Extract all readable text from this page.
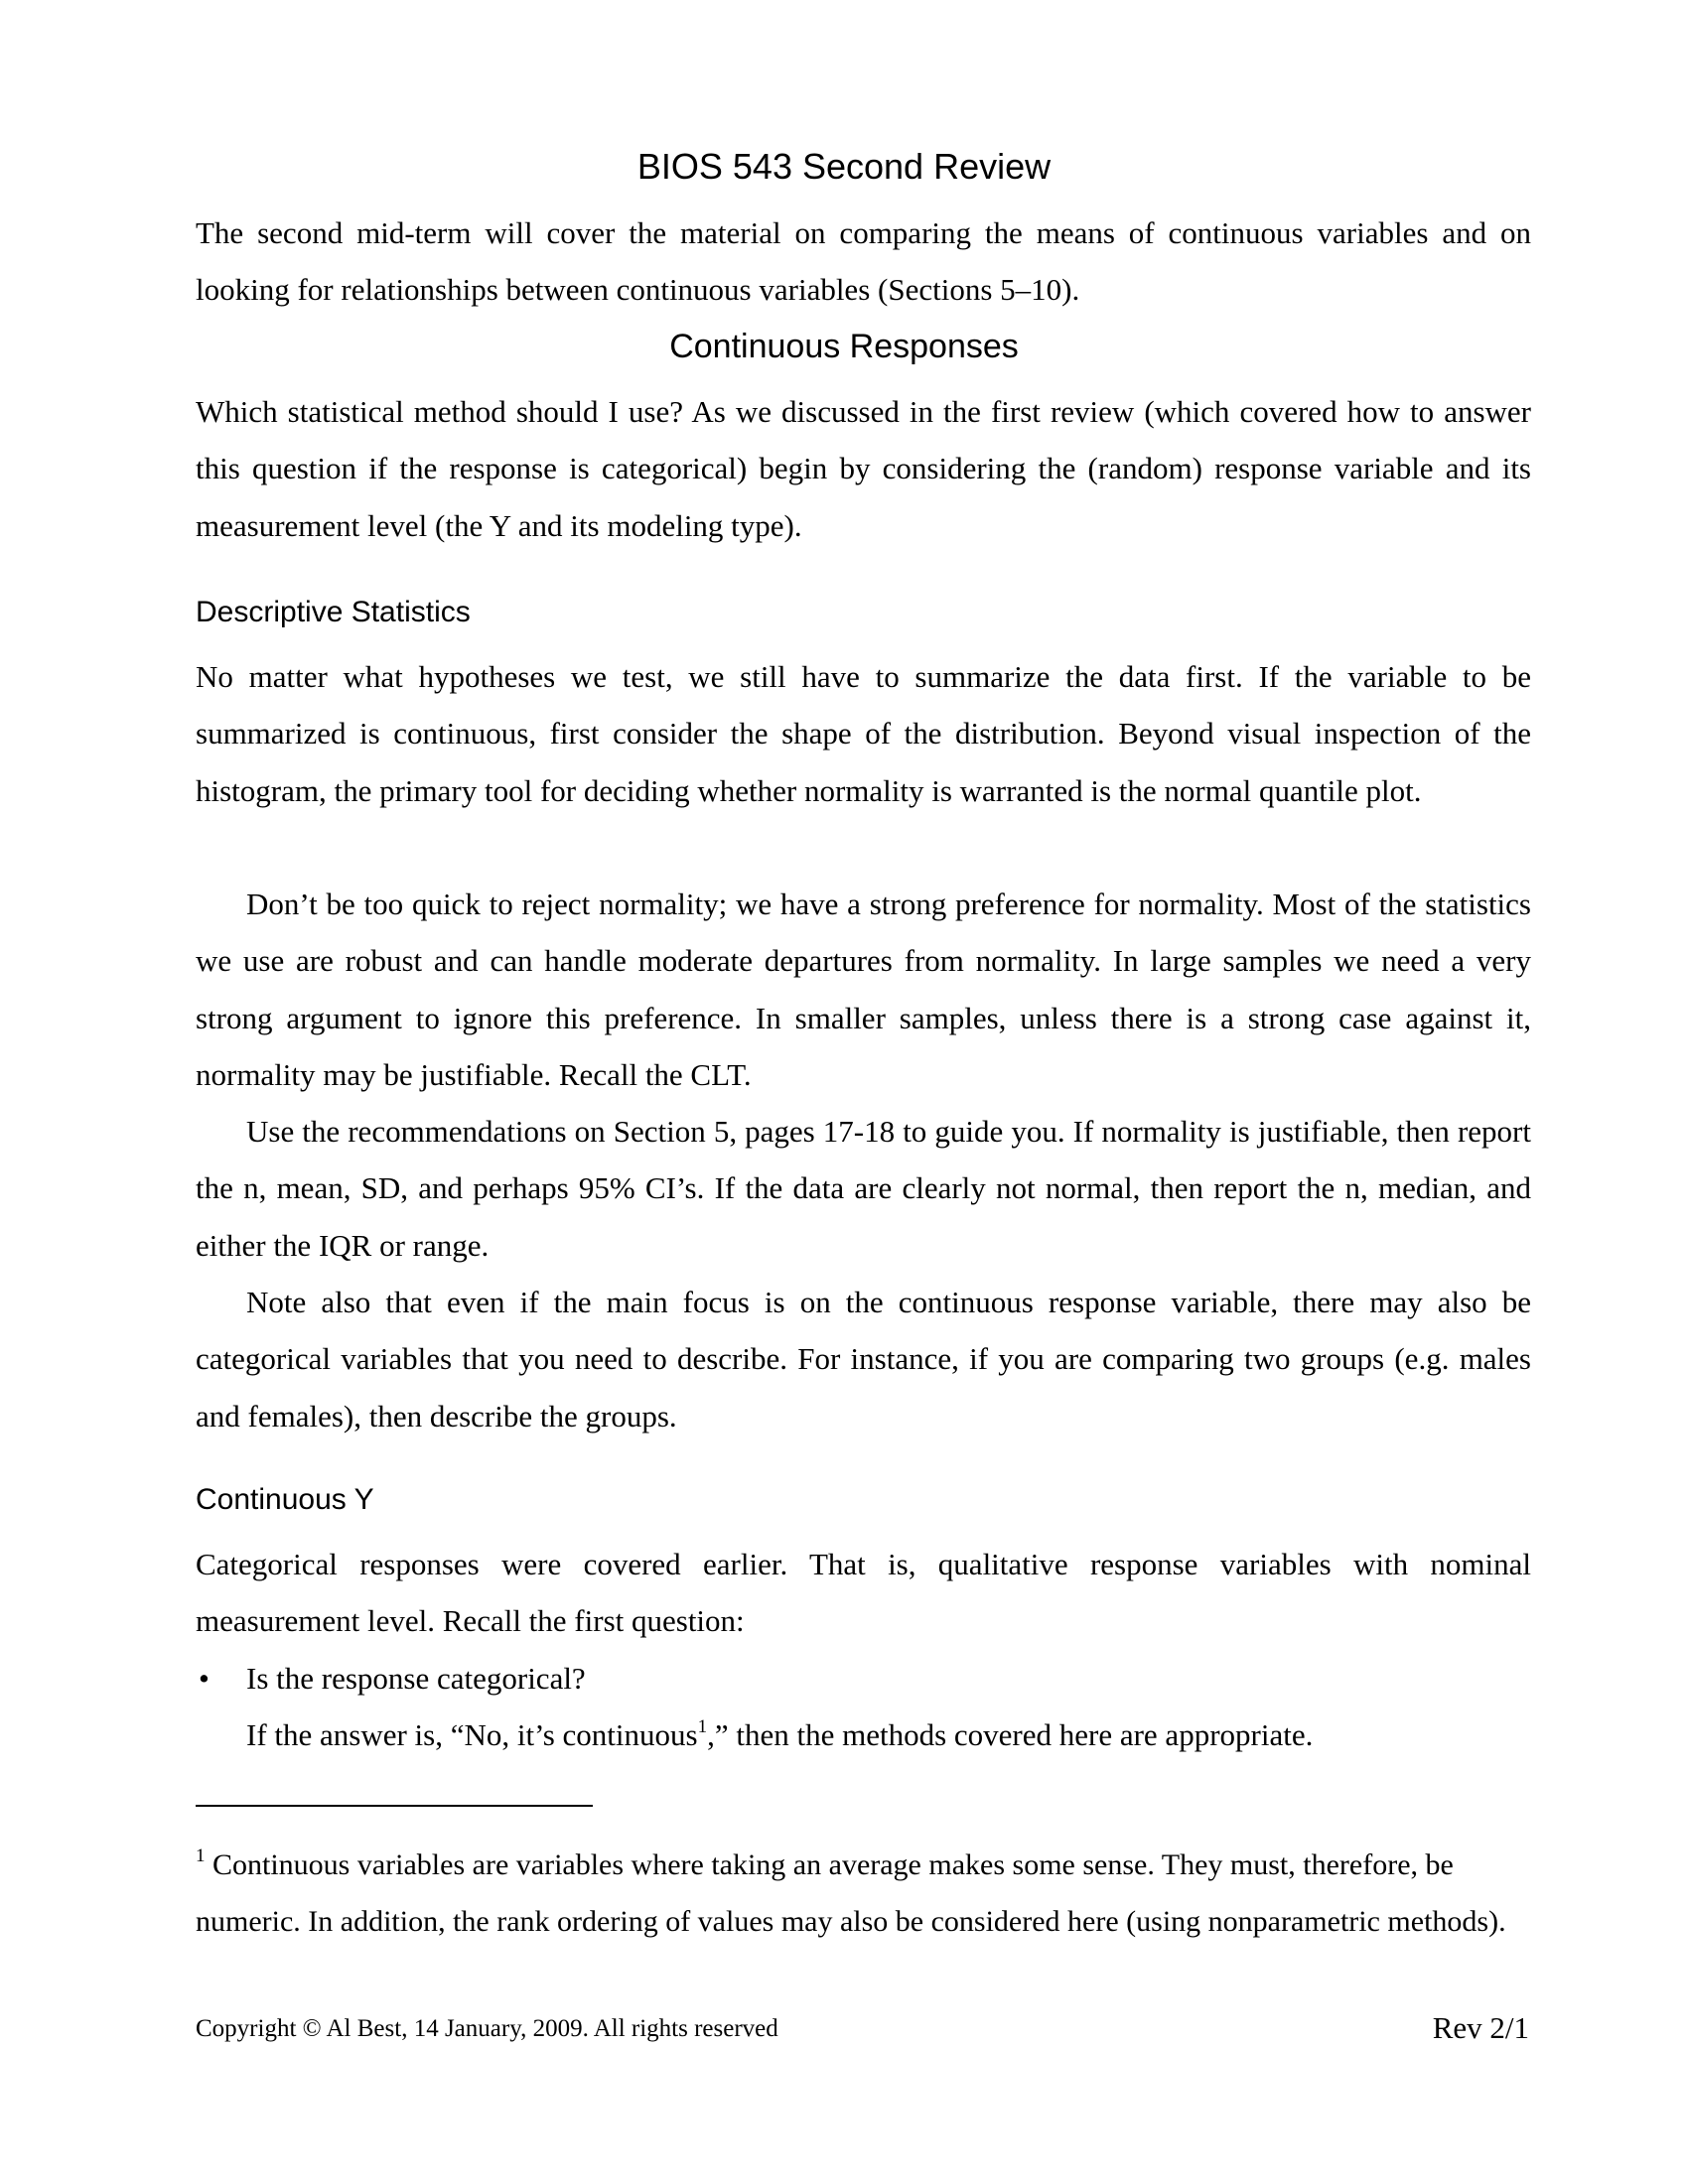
BIOS 543 Second Review

The second mid-term will cover the material on comparing the means of continuous variables and on looking for relationships between continuous variables (Sections 5–10).

Continuous Responses

Which statistical method should I use? As we discussed in the first review (which covered how to answer this question if the response is categorical) begin by considering the (random) response variable and its measurement level (the Y and its modeling type).

Descriptive Statistics

No matter what hypotheses we test, we still have to summarize the data first. If the variable to be summarized is continuous, first consider the shape of the distribution. Beyond visual inspection of the histogram, the primary tool for deciding whether normality is warranted is the normal quantile plot.

Don’t be too quick to reject normality; we have a strong preference for normality. Most of the statistics we use are robust and can handle moderate departures from normality. In large samples we need a very strong argument to ignore this preference. In smaller samples, unless there is a strong case against it, normality may be justifiable. Recall the CLT.

Use the recommendations on Section 5, pages 17-18 to guide you. If normality is justifiable, then report the n, mean, SD, and perhaps 95% CI’s. If the data are clearly not normal, then report the n, median, and either the IQR or range.

Note also that even if the main focus is on the continuous response variable, there may also be categorical variables that you need to describe. For instance, if you are comparing two groups (e.g. males and females), then describe the groups.

Continuous Y

Categorical responses were covered earlier. That is, qualitative response variables with nominal measurement level. Recall the first question:

• Is the response categorical?

If the answer is, “No, it’s continuous$^1$,” then the methods covered here are appropriate.

$^1$ Continuous variables are variables where taking an average makes some sense. They must, therefore, be numeric. In addition, the rank ordering of values may also be considered here (using nonparametric methods).

Copyright © Al Best, 14 January, 2009. All rights reserved	Rev 2/1
